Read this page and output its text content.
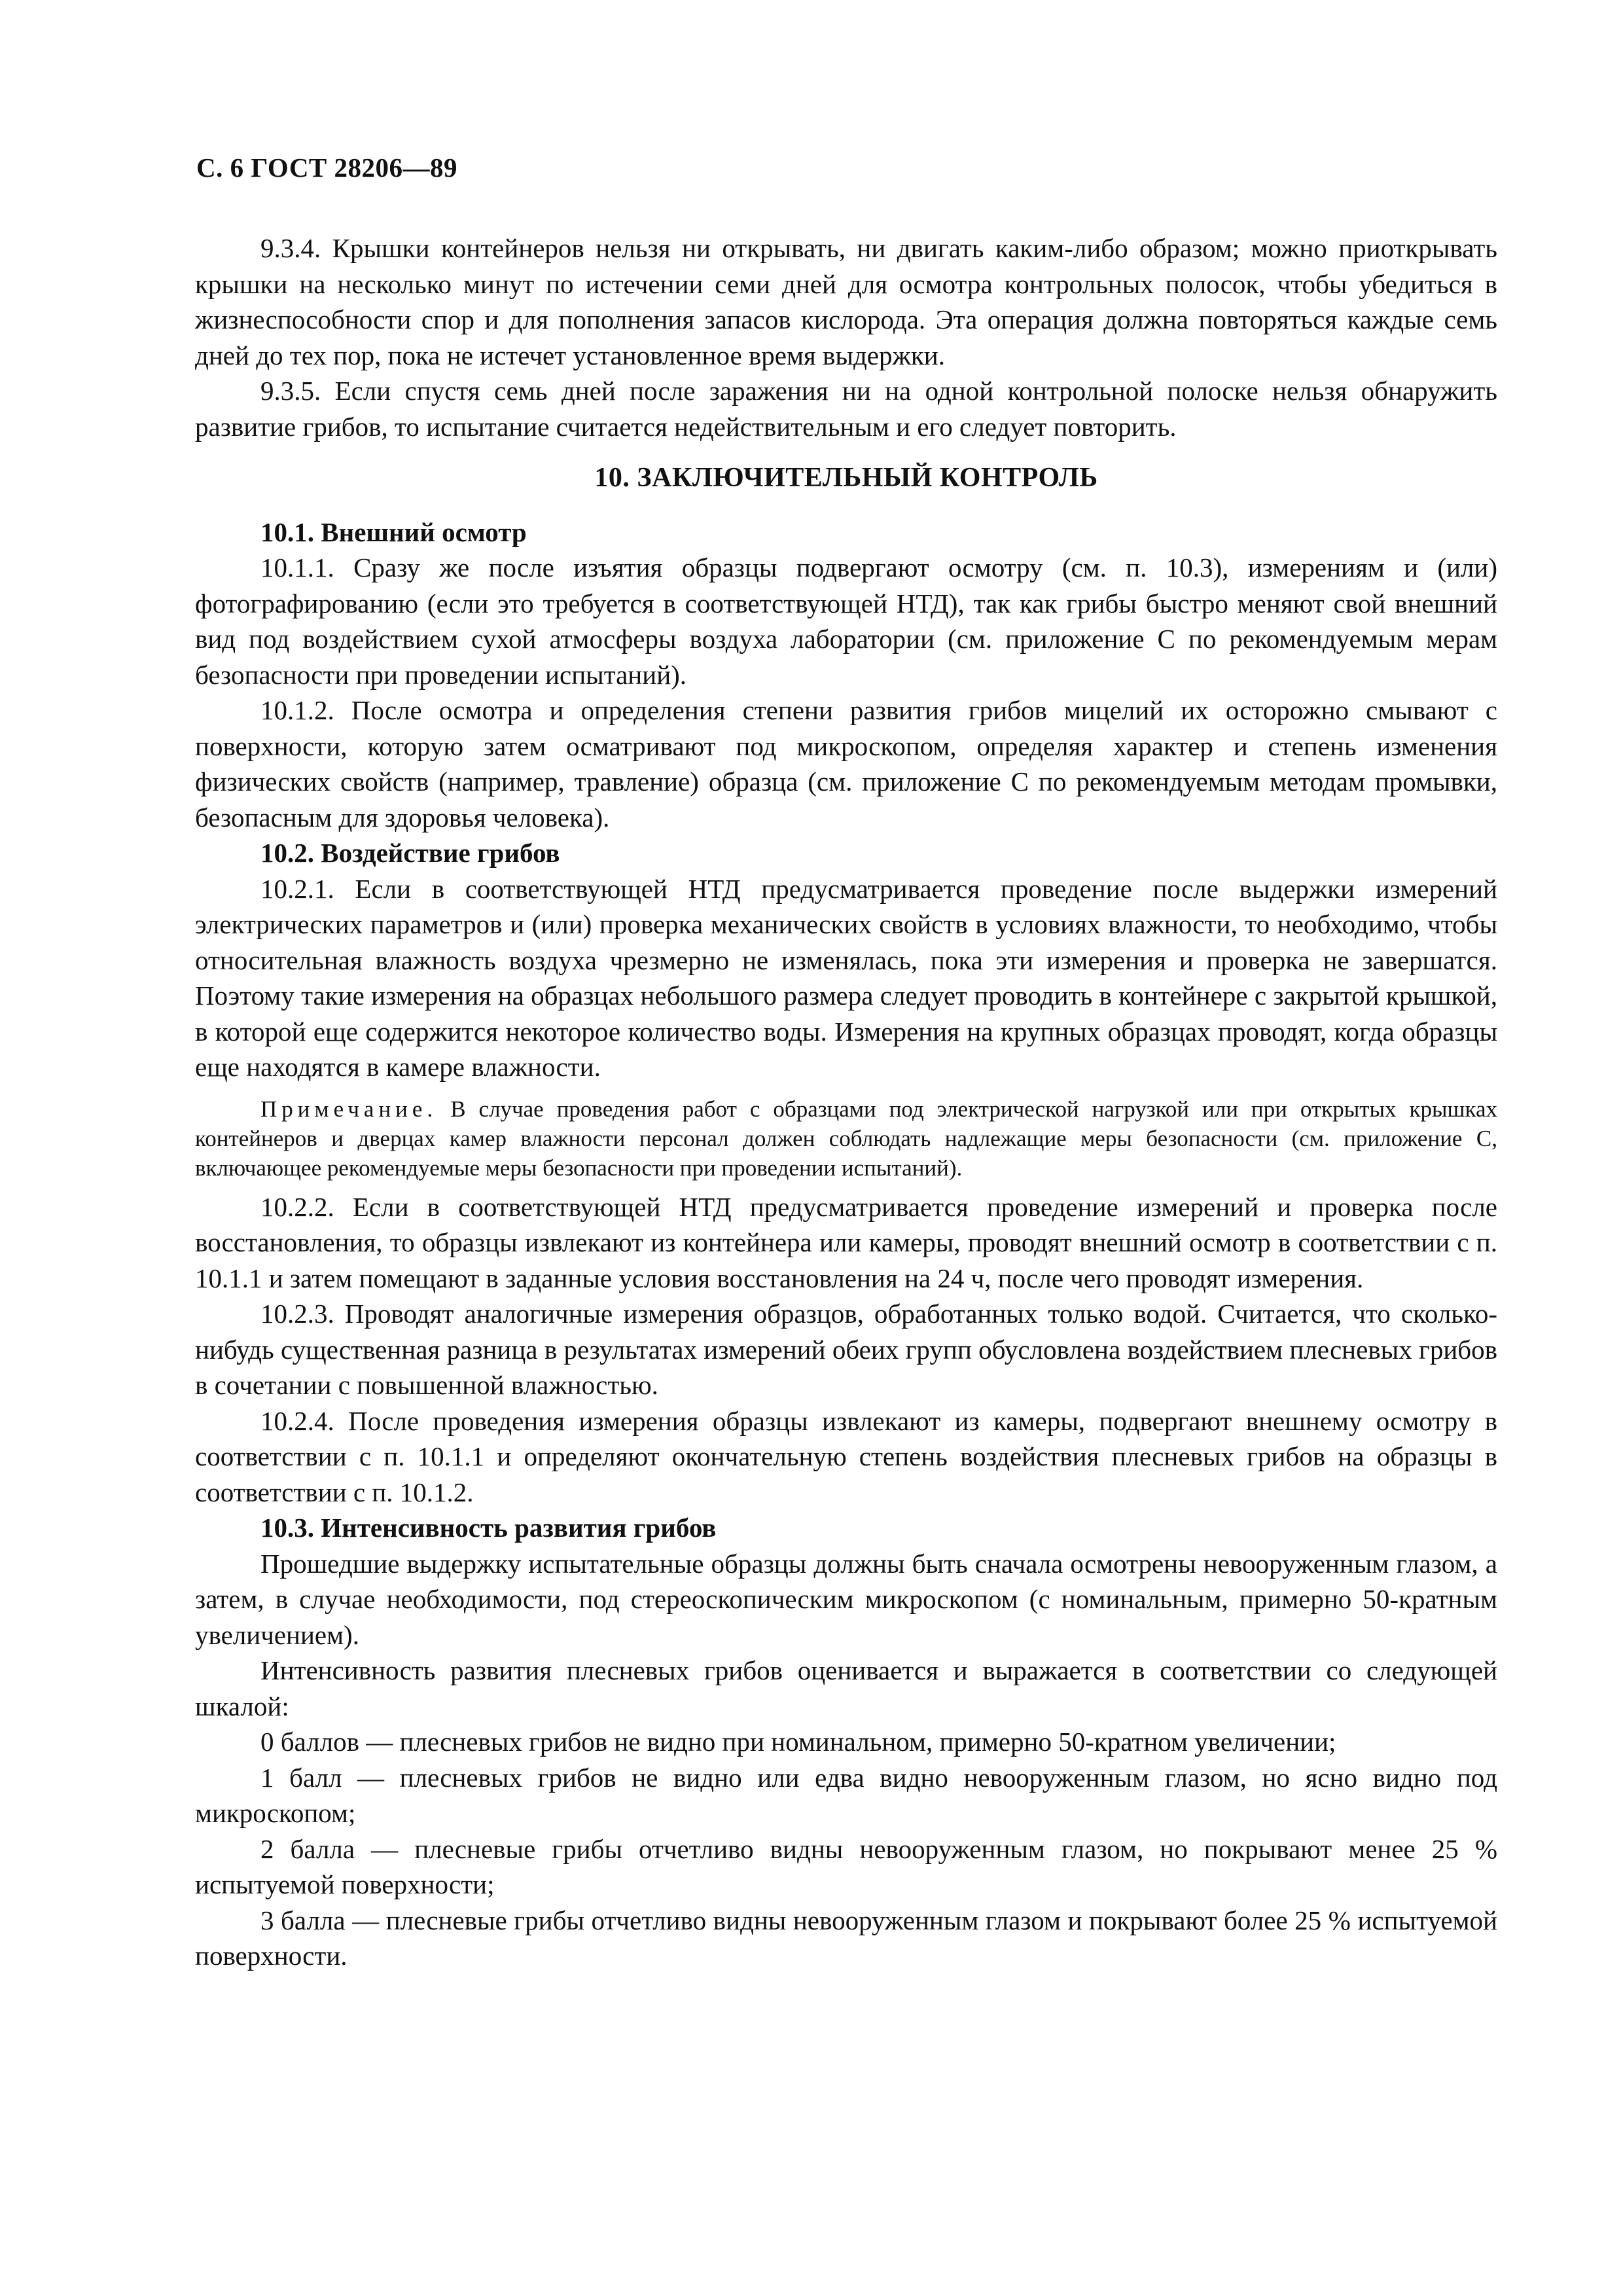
С. 6 ГОСТ 28206—89

9.3.4. Крышки контейнеров нельзя ни открывать, ни двигать каким-либо образом; можно приоткрывать крышки на несколько минут по истечении семи дней для осмотра контрольных полосок, чтобы убедиться в жизнеспособности спор и для пополнения запасов кислорода. Эта операция должна повторяться каждые семь дней до тех пор, пока не истечет установленное время выдержки.

9.3.5. Если спустя семь дней после заражения ни на одной контрольной полоске нельзя обнаружить развитие грибов, то испытание считается недействительным и его следует повторить.

10. ЗАКЛЮЧИТЕЛЬНЫЙ КОНТРОЛЬ

10.1. Внешний осмотр

10.1.1. Сразу же после изъятия образцы подвергают осмотру (см. п. 10.3), измерениям и (или) фотографированию (если это требуется в соответствующей НТД), так как грибы быстро меняют свой внешний вид под воздействием сухой атмосферы воздуха лаборатории (см. приложение С по рекомендуемым мерам безопасности при проведении испытаний).

10.1.2. После осмотра и определения степени развития грибов мицелий их осторожно смывают с поверхности, которую затем осматривают под микроскопом, определяя характер и степень изменения физических свойств (например, травление) образца (см. приложение С по рекомендуемым методам промывки, безопасным для здоровья человека).

10.2. Воздействие грибов

10.2.1. Если в соответствующей НТД предусматривается проведение после выдержки измерений электрических параметров и (или) проверка механических свойств в условиях влажности, то необходимо, чтобы относительная влажность воздуха чрезмерно не изменялась, пока эти измерения и проверка не завершатся. Поэтому такие измерения на образцах небольшого размера следует проводить в контейнере с закрытой крышкой, в которой еще содержится некоторое количество воды. Измерения на крупных образцах проводят, когда образцы еще находятся в камере влажности.

Примечание. В случае проведения работ с образцами под электрической нагрузкой или при открытых крышках контейнеров и дверцах камер влажности персонал должен соблюдать надлежащие меры безопасности (см. приложение С, включающее рекомендуемые меры безопасности при проведении испытаний).

10.2.2. Если в соответствующей НТД предусматривается проведение измерений и проверка после восстановления, то образцы извлекают из контейнера или камеры, проводят внешний осмотр в соответствии с п. 10.1.1 и затем помещают в заданные условия восстановления на 24 ч, после чего проводят измерения.

10.2.3. Проводят аналогичные измерения образцов, обработанных только водой. Считается, что сколько-нибудь существенная разница в результатах измерений обеих групп обусловлена воздействием плесневых грибов в сочетании с повышенной влажностью.

10.2.4. После проведения измерения образцы извлекают из камеры, подвергают внешнему осмотру в соответствии с п. 10.1.1 и определяют окончательную степень воздействия плесневых грибов на образцы в соответствии с п. 10.1.2.

10.3. Интенсивность развития грибов

Прошедшие выдержку испытательные образцы должны быть сначала осмотрены невооруженным глазом, а затем, в случае необходимости, под стереоскопическим микроскопом (с номинальным, примерно 50-кратным увеличением).

Интенсивность развития плесневых грибов оценивается и выражается в соответствии со следующей шкалой:

0 баллов — плесневых грибов не видно при номинальном, примерно 50-кратном увеличении;

1 балл — плесневых грибов не видно или едва видно невооруженным глазом, но ясно видно под микроскопом;

2 балла — плесневые грибы отчетливо видны невооруженным глазом, но покрывают менее 25 % испытуемой поверхности;

3 балла — плесневые грибы отчетливо видны невооруженным глазом и покрывают более 25 % испытуемой поверхности.
